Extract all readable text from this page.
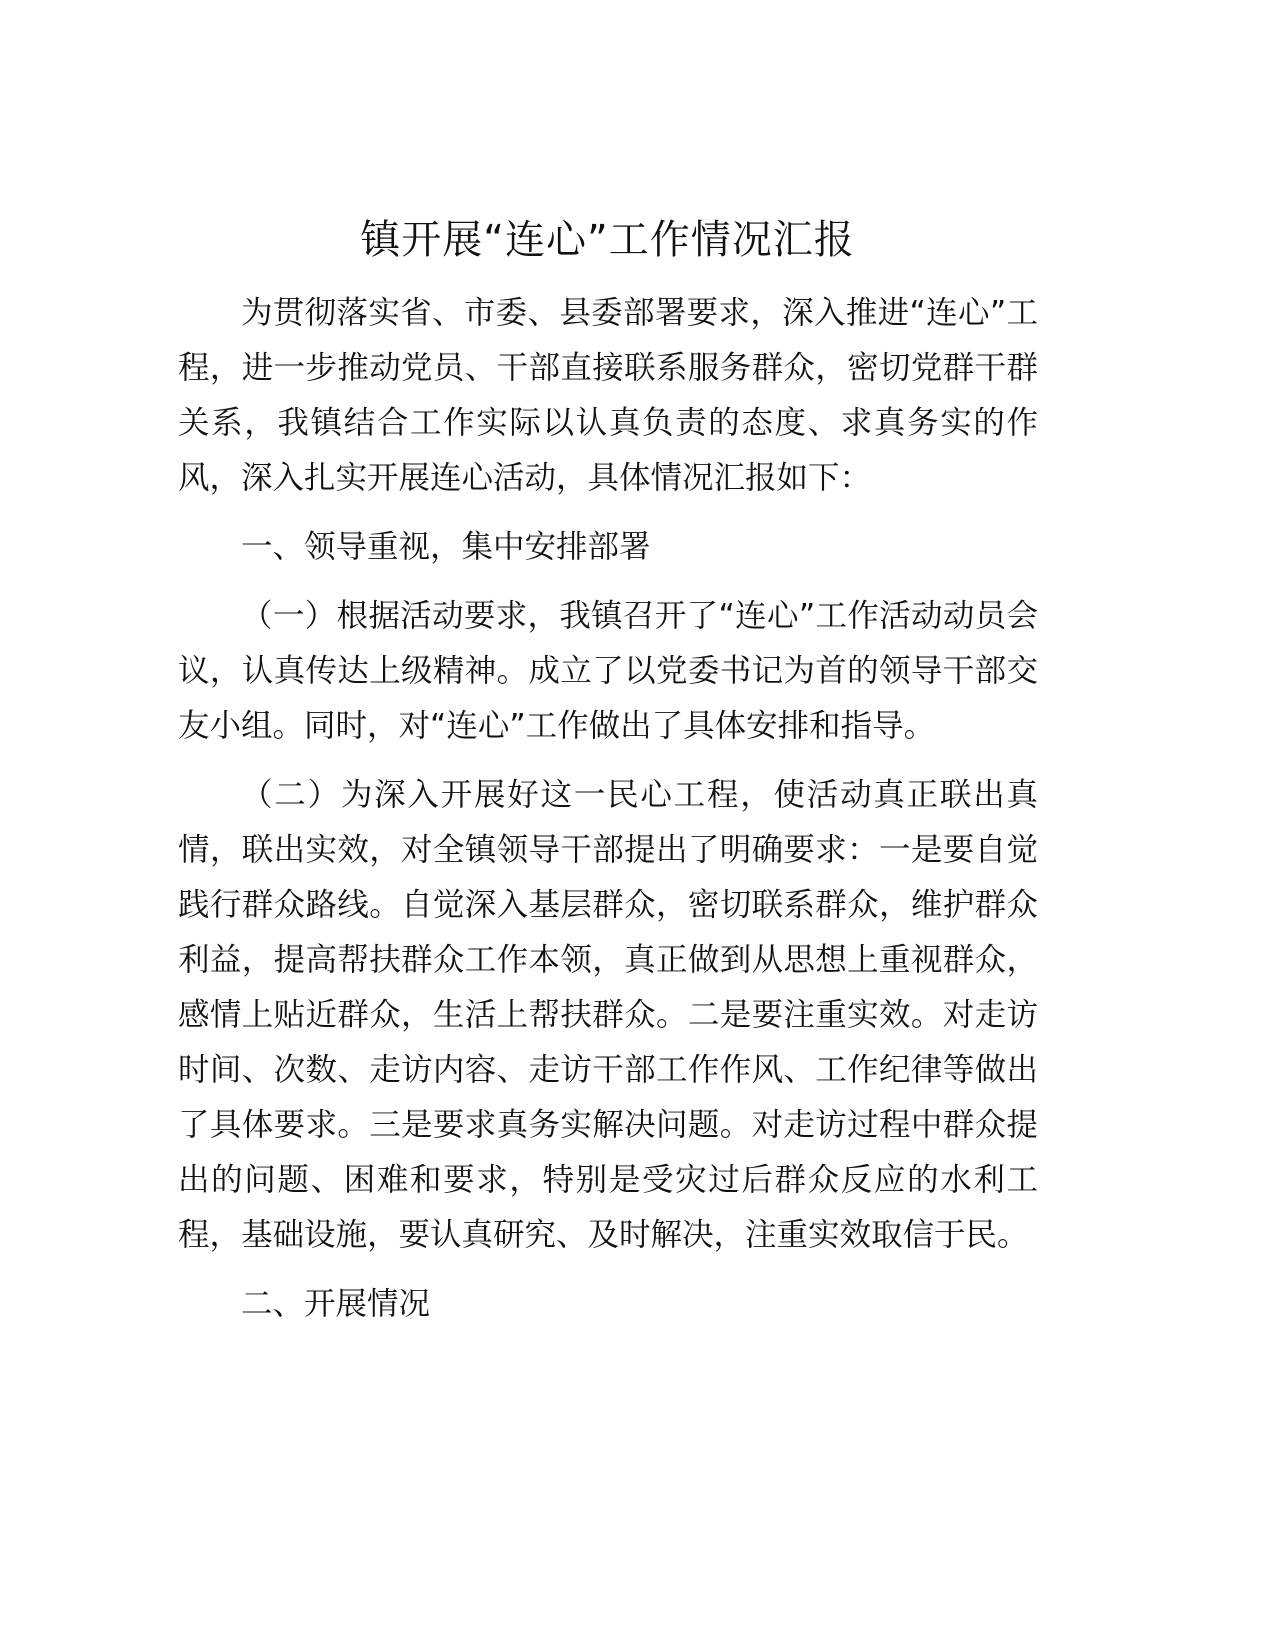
镇开展“连心”工作情况汇报

为贯彻落实省、市委、县委部署要求，深入推进“连心”工程，进一步推动党员、干部直接联系服务群众，密切党群干群关系，我镇结合工作实际以认真负责的态度、求真务实的作风，深入扎实开展连心活动，具体情况汇报如下：

一、领导重视，集中安排部署

（一）根据活动要求，我镇召开了“连心”工作活动动员会议，认真传达上级精神。成立了以党委书记为首的领导干部交友小组。同时，对“连心”工作做出了具体安排和指导。

（二）为深入开展好这一民心工程，使活动真正联出真情，联出实效，对全镇领导干部提出了明确要求：一是要自觉践行群众路线。自觉深入基层群众，密切联系群众，维护群众利益，提高帮扶群众工作本领，真正做到从思想上重视群众，感情上贴近群众，生活上帮扶群众。二是要注重实效。对走访时间、次数、走访内容、走访干部工作作风、工作纪律等做出了具体要求。三是要求真务实解决问题。对走访过程中群众提出的问题、困难和要求，特别是受灾过后群众反应的水利工程，基础设施，要认真研究、及时解决，注重实效取信于民。

二、开展情况
